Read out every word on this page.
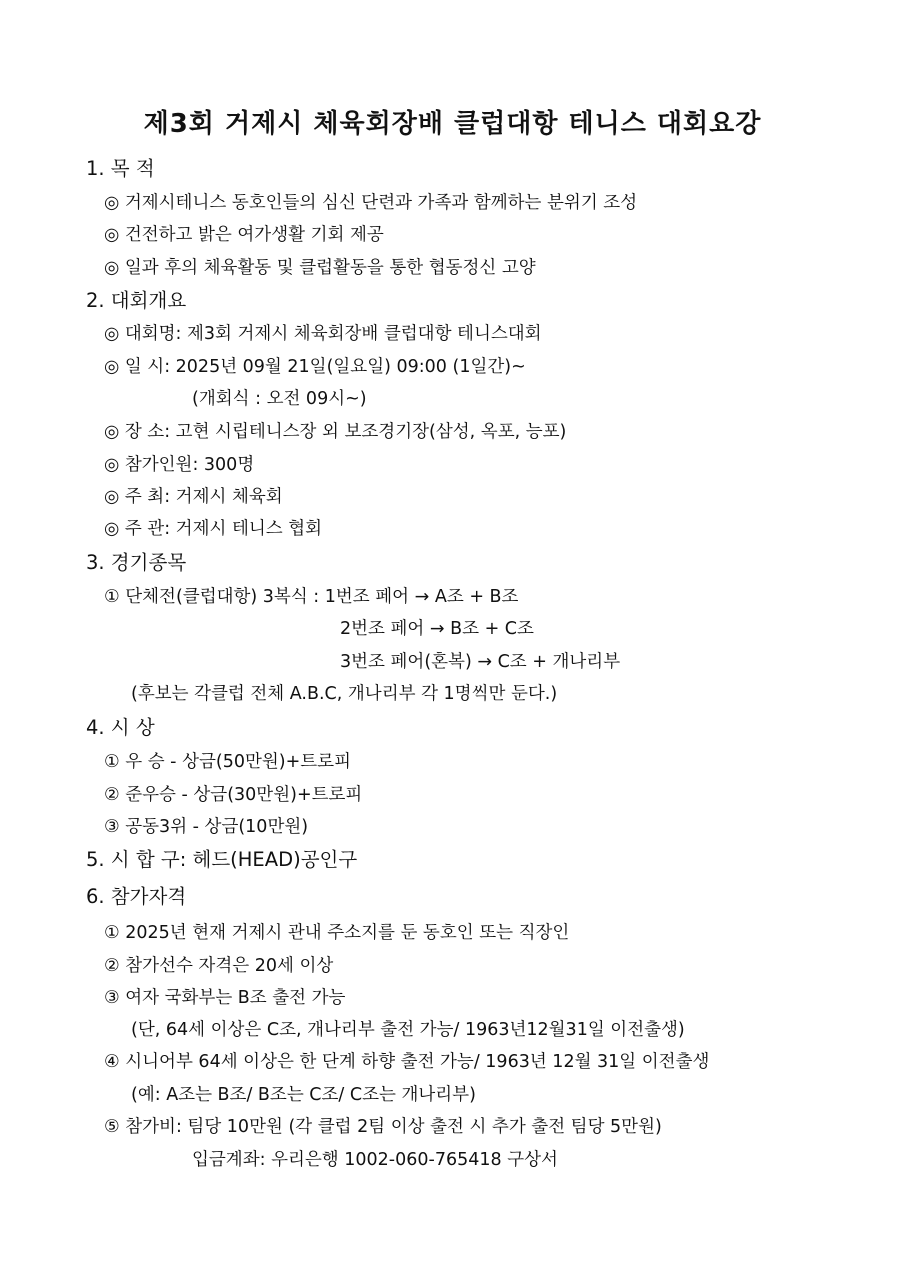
제3회 거제시 체육회장배 클럽대항 테니스 대회요강
1. 목 적
◎ 거제시테니스 동호인들의 심신 단련과 가족과 함께하는 분위기 조성
◎ 건전하고 밝은 여가생활 기회 제공
◎ 일과 후의 체육활동 및 클럽활동을 통한 협동정신 고양
2. 대회개요
◎ 대회명: 제3회 거제시 체육회장배 클럽대항 테니스대회
◎ 일 시: 2025년 09월 21일(일요일) 09:00 (1일간)~
(개회식 : 오전 09시~)
◎ 장 소: 고현 시립테니스장 외 보조경기장(삼성, 옥포, 능포)
◎ 참가인원: 300명
◎ 주 최: 거제시 체육회
◎ 주 관: 거제시 테니스 협회
3. 경기종목
① 단체전(클럽대항) 3복식 : 1번조 페어 → A조 + B조
2번조 페어 → B조 + C조
3번조 페어(혼복) → C조 + 개나리부
(후보는 각클럽 전체 A.B.C, 개나리부 각 1명씩만 둔다.)
4. 시 상
① 우 승 - 상금(50만원)+트로피
② 준우승 - 상금(30만원)+트로피
③ 공동3위 - 상금(10만원)
5. 시 합 구: 헤드(HEAD)공인구
6. 참가자격
① 2025년 현재 거제시 관내 주소지를 둔 동호인 또는 직장인
② 참가선수 자격은 20세 이상
③ 여자 국화부는 B조 출전 가능
(단, 64세 이상은 C조, 개나리부 출전 가능/ 1963년12월31일 이전출생)
④ 시니어부 64세 이상은 한 단계 하향 출전 가능/ 1963년 12월 31일 이전출생
(예: A조는 B조/ B조는 C조/ C조는 개나리부)
⑤ 참가비: 팀당 10만원 (각 클럽 2팀 이상 출전 시 추가 출전 팀당 5만원)
입금계좌: 우리은행 1002-060-765418 구상서
